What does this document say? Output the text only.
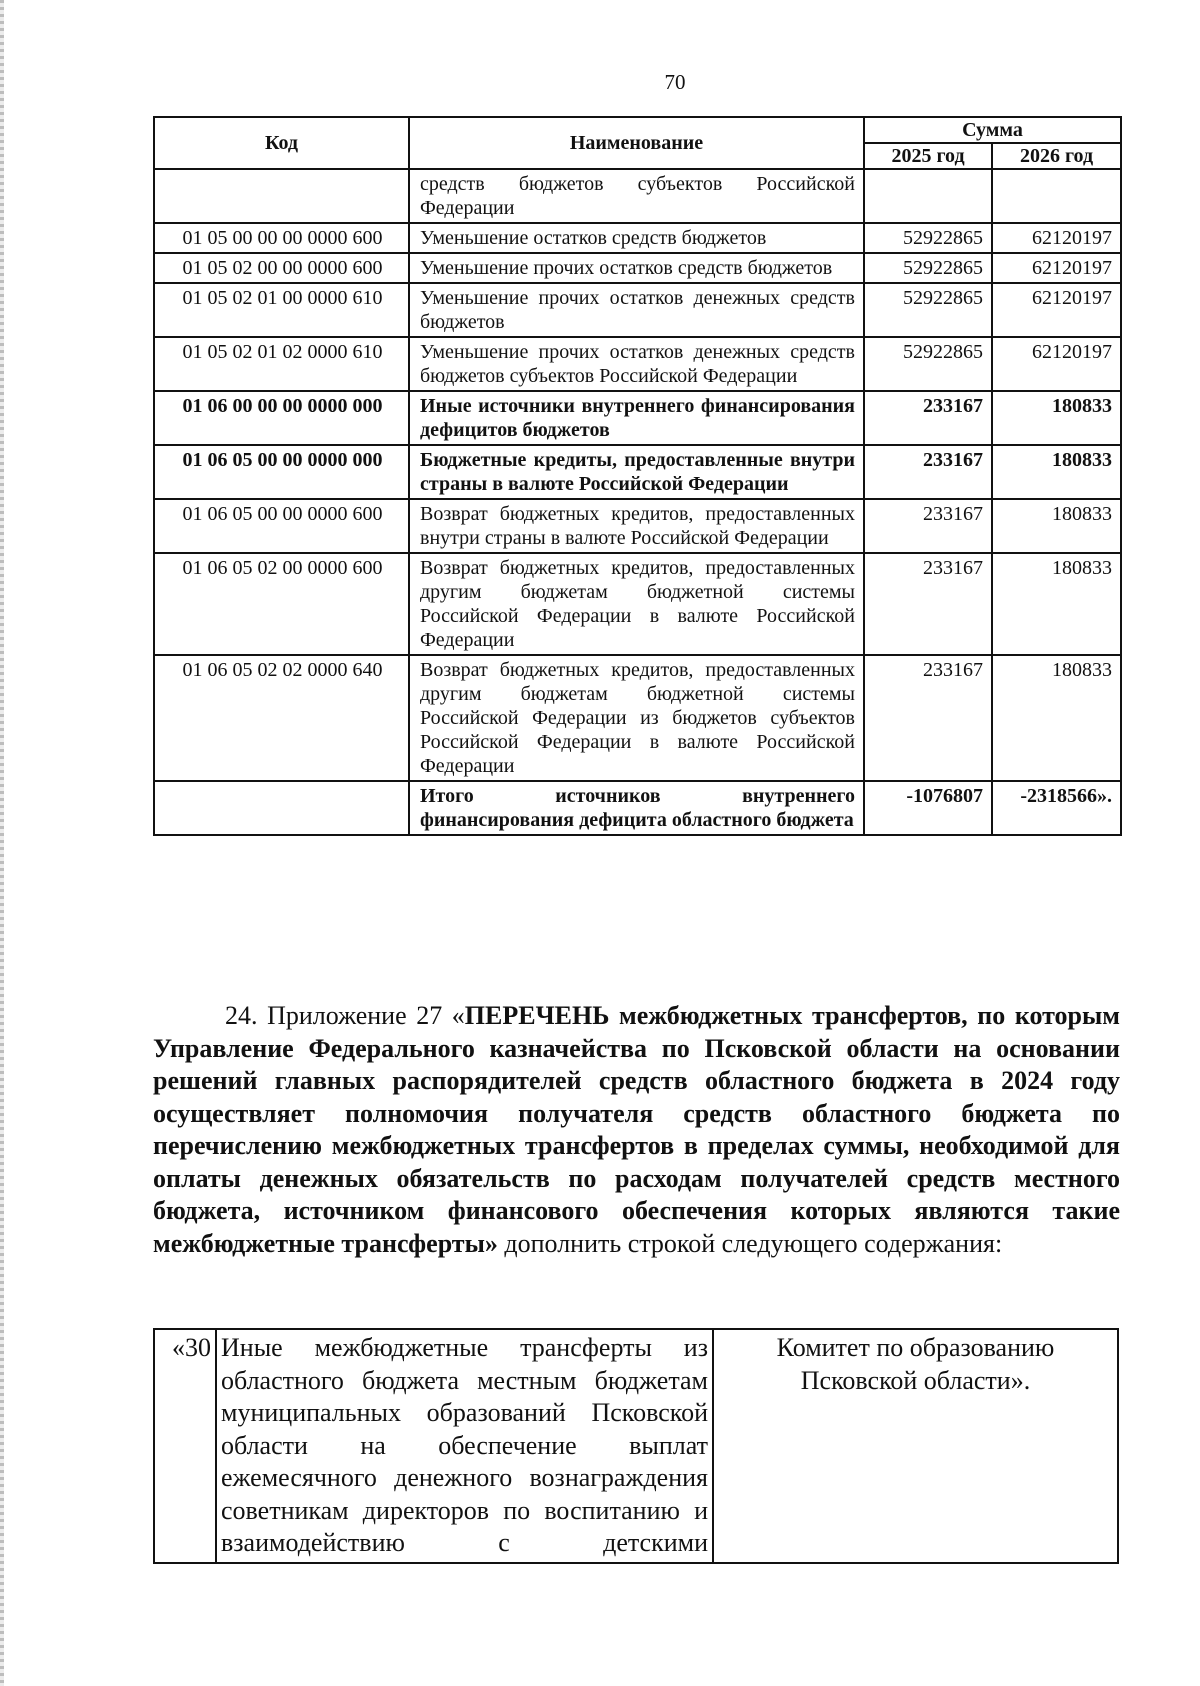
70
Код	Наименование	Сумма	
		2025 год	2026 год
	средств бюджетов субъектов Российской Федерации		
01 05 00 00 00 0000 600	Уменьшение остатков средств бюджетов	52922865	62120197
01 05 02 00 00 0000 600	Уменьшение прочих остатков средств бюджетов	52922865	62120197
01 05 02 01 00 0000 610	Уменьшение прочих остатков денежных средств бюджетов	52922865	62120197
01 05 02 01 02 0000 610	Уменьшение прочих остатков денежных средств бюджетов субъектов Российской Федерации	52922865	62120197
01 06 00 00 00 0000 000	Иные источники внутреннего финансирования дефицитов бюджетов	233167	180833
01 06 05 00 00 0000 000	Бюджетные кредиты, предоставленные внутри страны в валюте Российской Федерации	233167	180833
01 06 05 00 00 0000 600	Возврат бюджетных кредитов, предоставленных внутри страны в валюте Российской Федерации	233167	180833
01 06 05 02 00 0000 600	Возврат бюджетных кредитов, предоставленных другим бюджетам бюджетной системы Российской Федерации в валюте Российской Федерации	233167	180833
01 06 05 02 02 0000 640	Возврат бюджетных кредитов, предоставленных другим бюджетам бюджетной системы Российской Федерации из бюджетов субъектов Российской Федерации в валюте Российской Федерации	233167	180833
	Итого источников внутреннего финансирования дефицита областного бюджета	-1076807	-2318566».

24. Приложение 27 «ПЕРЕЧЕНЬ межбюджетных трансфертов, по которым Управление Федерального казначейства по Псковской области на основании решений главных распорядителей средств областного бюджета в 2024 году осуществляет полномочия получателя средств областного бюджета по перечислению межбюджетных трансфертов в пределах суммы, необходимой для оплаты денежных обязательств по расходам получателей средств местного бюджета, источником финансового обеспечения которых являются такие межбюджетные трансферты» дополнить строкой следующего содержания:

«30	Иные межбюджетные трансферты из областного бюджета местным бюджетам муниципальных образований Псковской области на обеспечение выплат ежемесячного денежного вознаграждения советникам директоров по воспитанию и взаимодействию с детскими	Комитет по образованию Псковской области».
